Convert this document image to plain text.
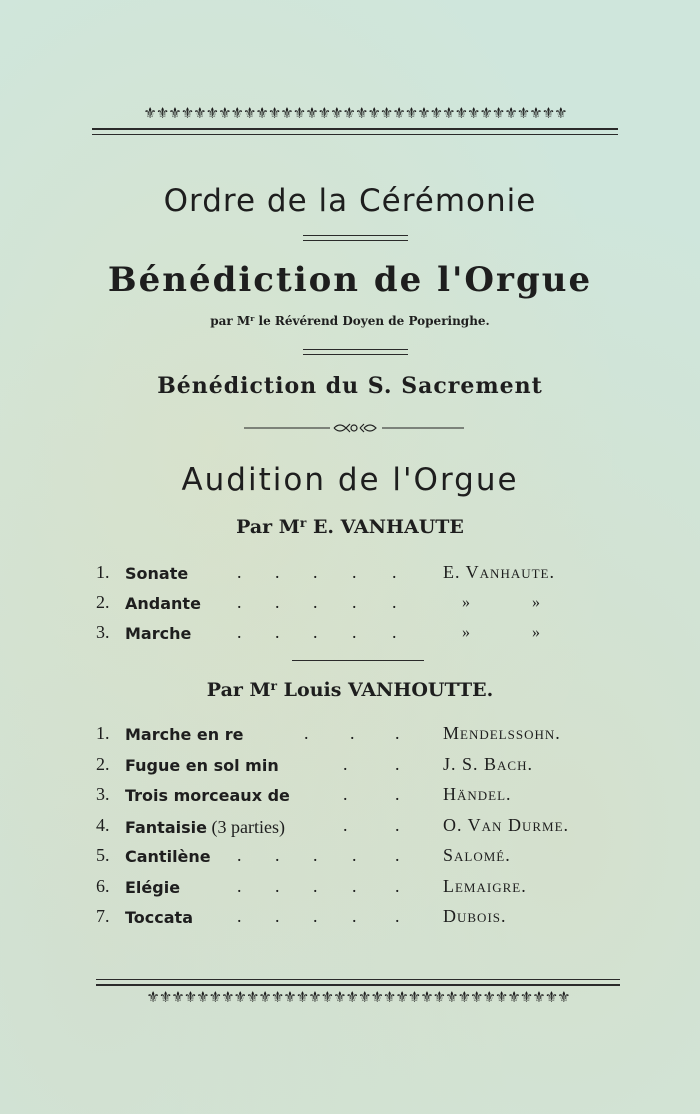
⚜⚜⚜⚜⚜⚜⚜⚜⚜⚜⚜⚜⚜⚜⚜⚜⚜⚜⚜⚜⚜⚜⚜⚜⚜⚜⚜⚜⚜⚜⚜⚜⚜⚜
Ordre de la Cérémonie
Bénédiction de l'Orgue
par $M^r$ le Révérend Doyen de Poperinghe.
Bénédiction du S. Sacrement
Audition de l'Orgue
Par $M^r$ E. VANHAUTE
1. Sonate	. . . . .	E. Vanhaute.
2. Andante . . . . .	» »
3. Marche	. . . . .	» »
Par $M^r$ Louis VANHOUTTE.
1. Marche en re	. . . Mendelssohn.
2. Fugue en sol min	.	. J. S. Bach.
3. Trois morceaux de	.	. Händel.
4. Fantaisie (3 parties)	.	. O. Van Durme.
5. Cantilène . . . . . Salomé.
6. Elégie	. . . . . Lemaigre.
7. Toccata . . . . . Dubois.
⚜⚜⚜⚜⚜⚜⚜⚜⚜⚜⚜⚜⚜⚜⚜⚜⚜⚜⚜⚜⚜⚜⚜⚜⚜⚜⚜⚜⚜⚜⚜⚜⚜⚜
